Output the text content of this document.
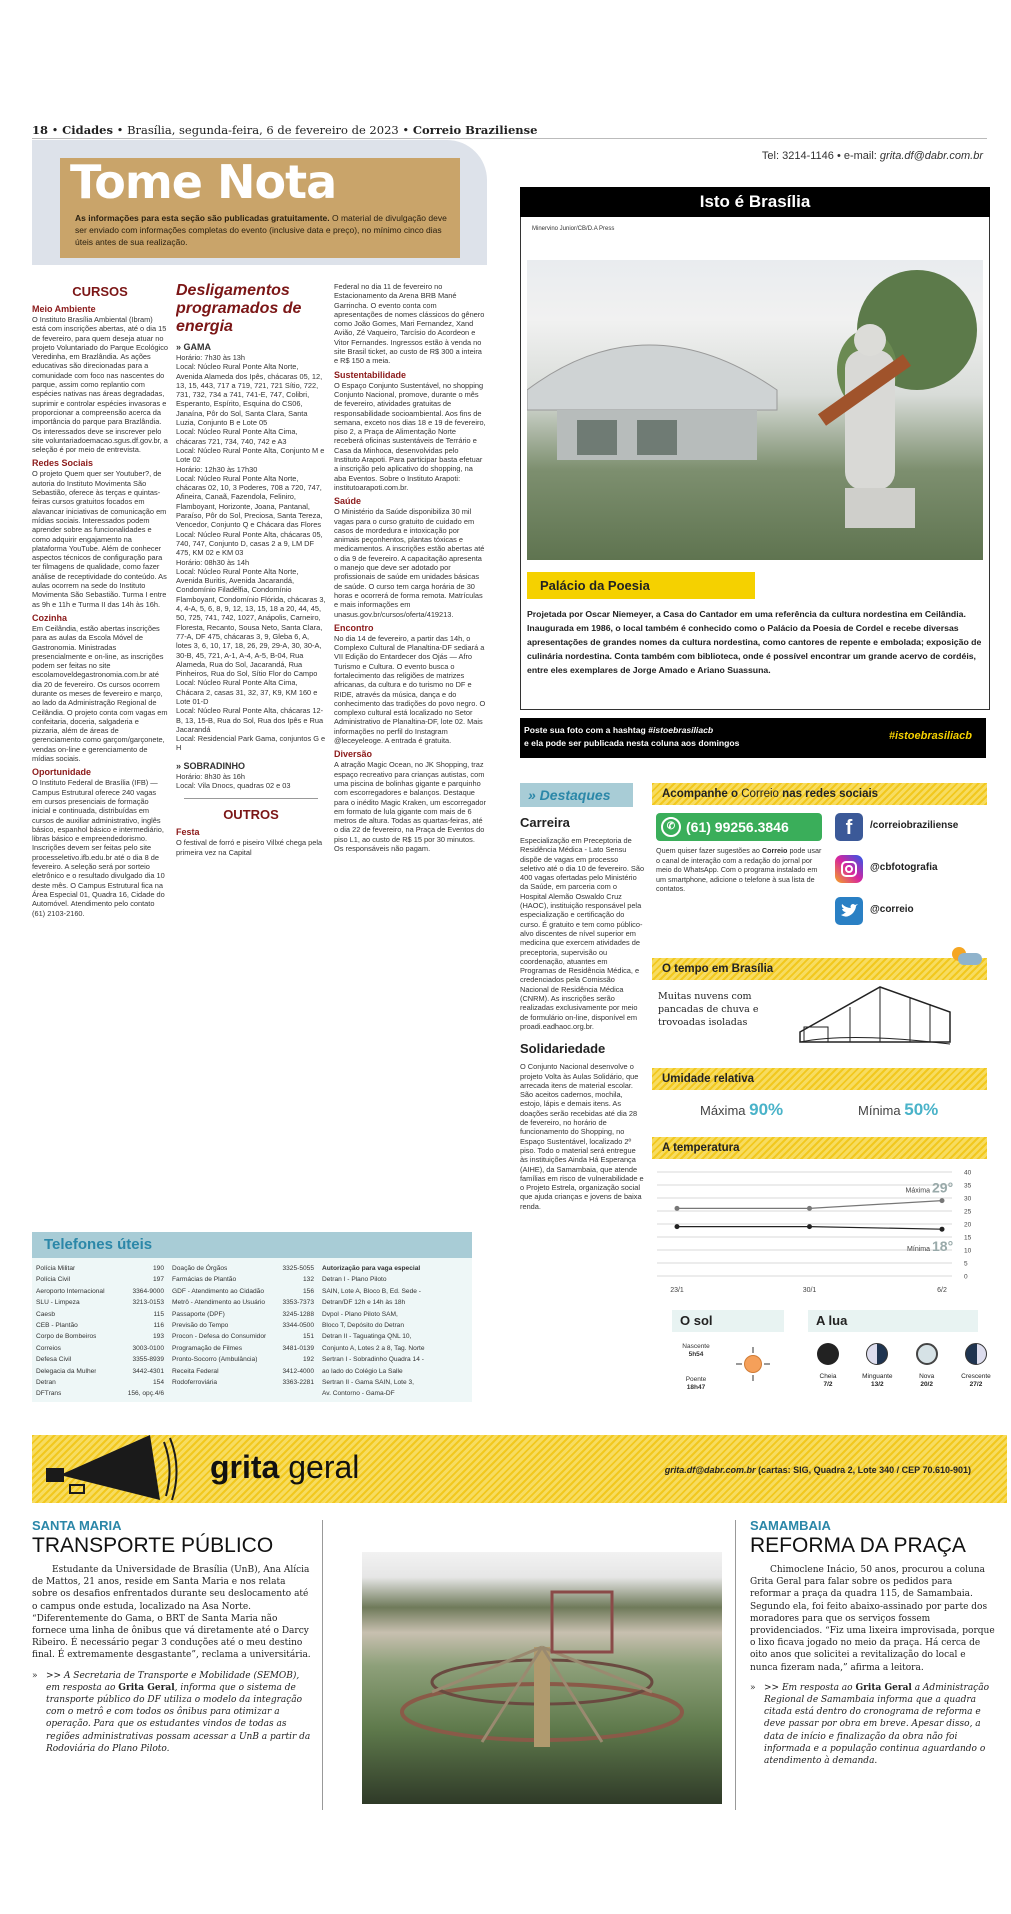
18 • Cidades • Brasília, segunda-feira, 6 de fevereiro de 2023 • Correio Braziliense
Tel: 3214-1146 • e-mail: grita.df@dabr.com.br
Tome Nota
As informações para esta seção são publicadas gratuitamente. O material de divulgação deve ser enviado com informações completas do evento (inclusive data e preço), no mínimo cinco dias úteis antes de sua realização.
CURSOS
Meio Ambiente

O Instituto Brasília Ambiental (Ibram) está com inscrições abertas, até o dia 15 de fevereiro, para quem deseja atuar no projeto Voluntariado do Parque Ecológico Veredinha, em Brazlândia. As ações educativas são direcionadas para a comunidade com foco nas nascentes do parque, assim como replantio com espécies nativas nas áreas degradadas, suprimir e controlar espécies invasoras e proporcionar a compreensão acerca da importância do parque para Brazlândia. Os interessados deve se inscrever pelo site voluntariadoemacao.sgus.df.gov.br, a seleção é por meio de entrevista.

Redes Sociais

O projeto Quem quer ser Youtuber?, de autoria do Instituto Movimenta São Sebastião, oferece às terças e quintas-feiras cursos gratuitos focados em alavancar iniciativas de comunicação em mídias sociais. Interessados podem aprender sobre as funcionalidades e como adquirir engajamento na plataforma YouTube. Além de conhecer aspectos técnicos de configuração para ter filmagens de qualidade, como fazer análise de receptividade do conteúdo. As aulas ocorrem na sede do Instituto Movimenta São Sebastião. Turma I entre as 9h e 11h e Turma II das 14h às 16h.

Cozinha

Em Ceilândia, estão abertas inscrições para as aulas da Escola Móvel de Gastronomia. Ministradas presencialmente e on-line, as inscrições podem ser feitas no site escolamoveldegastronomia.com.br até dia 20 de fevereiro. Os cursos ocorrem durante os meses de fevereiro e março, ao lado da Administração Regional de Ceilândia. O projeto conta com vagas em confeitaria, doceria, salgaderia e pizzaria, além de áreas de gerenciamento como garçom/garçonete, vendas on-line e gerenciamento de mídias sociais.

Oportunidade

O Instituto Federal de Brasília (IFB) — Campus Estrutural oferece 240 vagas em cursos presenciais de formação inicial e continuada, distribuídas em cursos de auxiliar administrativo, inglês básico, espanhol básico e intermediário, libras básico e empreendedorismo. Inscrições devem ser feitas pelo site processeletivo.ifb.edu.br até o dia 8 de fevereiro. A seleção será por sorteio eletrônico e o resultado divulgado dia 10 deste mês. O Campus Estrutural fica na Área Especial 01, Quadra 16, Cidade do Automóvel. Atendimento pelo contato (61) 2103-2160.

Desligamentos programados de energia
» GAMA
Horário: 7h30 às 13h
Local: Núcleo Rural Ponte Alta Norte, Avenida Alameda dos Ipês, chácaras 05, 12, 13, 15, 443, 717 a 719, 721, 721 Sítio, 722, 731, 732, 734 a 741, 741-E, 747, Colibri, Esperanto, Espírito, Esquina do CS06, Janaína, Pôr do Sol, Santa Clara, Santa Luzia, Conjunto B e Lote 05
Local: Núcleo Rural Ponte Alta Cima, chácaras 721, 734, 740, 742 e A3
Local: Núcleo Rural Ponte Alta, Conjunto M e Lote 02
Horário: 12h30 às 17h30
Local: Núcleo Rural Ponte Alta Norte, chácaras 02, 10, 3 Poderes, 708 a 720, 747, Afineira, Canaã, Fazendola, Feliniro, Flamboyant, Horizonte, Joana, Pantanal, Paraíso, Pôr do Sol, Preciosa, Santa Tereza, Vencedor, Conjunto Q e Chácara das Flores
Local: Núcleo Rural Ponte Alta, chácaras 05, 740, 747, Conjunto D, casas 2 a 9, LM DF 475, KM 02 e KM 03
Horário: 08h30 às 14h
Local: Núcleo Rural Ponte Alta Norte, Avenida Buritis, Avenida Jacarandá, Condomínio Filadélfia, Condomínio Flamboyant, Condomínio Flórida, chácaras 3, 4, 4-A, 5, 6, 8, 9, 12, 13, 15, 18 a 20, 44, 45, 50, 725, 741, 742, 1027, Anápolis, Carneiro, Floresta, Recanto, Sousa Neto, Santa Clara, 77-A, DF 475, chácaras 3, 9, Gleba 6, A, lotes 3, 6, 10, 17, 18, 26, 29, 29-A, 30, 30-A, 30-B, 45, 721, A-1, A-4, A-5, B-04, Rua Alameda, Rua do Sol, Jacarandá, Rua Pinheiros, Rua do Sol, Sítio Flor do Campo
Local: Núcleo Rural Ponte Alta Cima, Chácara 2, casas 31, 32, 37, K9, KM 160 e Lote 01-D
Local: Núcleo Rural Ponte Alta, chácaras 12-B, 13, 15-B, Rua do Sol, Rua dos Ipês e Rua Jacarandá
Local: Residencial Park Gama, conjuntos G e H
» SOBRADINHO
Horário: 8h30 às 16h
Local: Vila Dnocs, quadras 02 e 03
OUTROS
Festa

O festival de forró e piseiro Villxé chega pela primeira vez na Capital

Federal no dia 11 de fevereiro no Estacionamento da Arena BRB Mané Garrincha. O evento conta com apresentações de nomes clássicos do gênero como João Gomes, Mari Fernandez, Xand Avião, Zé Vaqueiro, Tarcísio do Acordeon e Vitor Fernandes. Ingressos estão à venda no site Brasil ticket, ao custo de R$ 300 a inteira e R$ 150 a meia.

Sustentabilidade

O Espaço Conjunto Sustentável, no shopping Conjunto Nacional, promove, durante o mês de fevereiro, atividades gratuitas de responsabilidade socioambiental. Aos fins de semana, exceto nos dias 18 e 19 de fevereiro, piso 2, a Praça de Alimentação Norte receberá oficinas sustentáveis de Terrário e Casa da Minhoca, desenvolvidas pelo Instituto Arapoti. Para participar basta efetuar a inscrição pelo aplicativo do shopping, na aba Eventos. Sobre o Instituto Arapoti: institutoarapoti.com.br.

Saúde

O Ministério da Saúde disponibiliza 30 mil vagas para o curso gratuito de cuidado em casos de mordedura e intoxicação por animais peçonhentos, plantas tóxicas e medicamentos. A inscrições estão abertas até o dia 9 de fevereiro. A capacitação apresenta o manejo que deve ser adotado por profissionais de saúde em unidades básicas de saúde. O curso tem carga horária de 30 horas e ocorrerá de forma remota. Matrículas e mais informações em unasus.gov.br/cursos/oferta/419213.

Encontro

No dia 14 de fevereiro, a partir das 14h, o Complexo Cultural de Planaltina-DF sediará a VII Edição do Entardecer dos Ojás — Afro Turismo e Cultura. O evento busca o fortalecimento das religiões de matrizes africanas, da cultura e do turismo no DF e RIDE, através da música, dança e do conhecimento das tradições do povo negro. O complexo cultural está localizado no Setor Administrativo de Planaltina-DF, lote 02. Mais informações no perfil do Instagram @leceyeleoge. A entrada é gratuita.

Diversão

A atração Magic Ocean, no JK Shopping, traz espaço recreativo para crianças autistas, com uma piscina de bolinhas gigante e parquinho com escorregadores e balanços. Destaque para o inédito Magic Kraken, um escorregador em formato de lula gigante com mais de 6 metros de altura. Todas as quartas-feiras, até o dia 22 de fevereiro, na Praça de Eventos do piso L1, ao custo de R$ 15 por 30 minutos. Os responsáveis não pagam.

Telefones úteis
Polícia Militar	190
Polícia Civil	197
Aeroporto Internacional	3364-9000
SLU - Limpeza	3213-0153
Caesb	115
CEB - Plantão	116
Corpo de Bombeiros	193
Correios	3003-0100
Defesa Civil	3355-8939
Delegacia da Mulher	3442-4301
Detran	154
DFTrans	156, opç.4/6
Doação de Órgãos	3325-5055
Farmácias de Plantão	132
GDF - Atendimento ao Cidadão	156
Metrô - Atendimento ao Usuário	3353-7373
Passaporte (DPF)	3245-1288
Previsão do Tempo	3344-0500
Procon - Defesa do Consumidor	151
Programação de Filmes	3481-0139
Pronto-Socorro (Ambulância)	192
Receita Federal	3412-4000
Rodoferroviária	3363-2281
Autorização para vaga especial
Detran I - Plano Piloto
SAIN, Lote A, Bloco B, Ed. Sede -
Detran/DF 12h e 14h às 18h
Dvpol - Plano Piloto SAM,
Bloco T, Depósito do Detran
Detran II - Taguatinga QNL 10,
Conjunto A, Lotes 2 a 8, Tag. Norte
Sertran I - Sobradinho Quadra 14 -
ao lado do Colégio La Salle
Sertran II - Gama SAIN, Lote 3,
Av. Contorno - Gama-DF
Isto é Brasília
Minervino Junior/CB/D.A Press
Palácio da Poesia
Projetada por Oscar Niemeyer, a Casa do Cantador em uma referência da cultura nordestina em Ceilândia. Inaugurada em 1986, o local também é conhecido como o Palácio da Poesia de Cordel e recebe diversas apresentações de grandes nomes da cultura nordestina, como cantores de repente e embolada; exposição de culinária nordestina. Conta também com biblioteca, onde é possível encontrar um grande acervo de cordéis, entre eles exemplares de Jorge Amado e Ariano Suassuna.
Poste sua foto com a hashtag #istoebrasiliacb
e ela pode ser publicada nesta coluna aos domingos
#istoebrasiliacb
» Destaques
Carreira

Especialização em Preceptoria de Residência Médica - Lato Sensu dispõe de vagas em processo seletivo até o dia 10 de fevereiro. São 400 vagas ofertadas pelo Ministério da Saúde, em parceria com o Hospital Alemão Oswaldo Cruz (HAOC), instituição responsável pela especialização e certificação do curso. É gratuito e tem como público-alvo discentes de nível superior em medicina que exercem atividades de preceptoria, supervisão ou coordenação, atuantes em Programas de Residência Médica, e credenciados pela Comissão Nacional de Residência Médica (CNRM). As inscrições serão realizadas exclusivamente por meio de formulário on-line, disponível em proadi.eadhaoc.org.br.

Solidariedade

O Conjunto Nacional desenvolve o projeto Volta às Aulas Solidário, que arrecada itens de material escolar. São aceitos cadernos, mochila, estojo, lápis e demais itens. As doações serão recebidas até dia 28 de fevereiro, no horário de funcionamento do Shopping, no Espaço Sustentável, localizado 2º piso. Todo o material será entregue às instituições Ainda Há Esperança (AIHE), da Samambaia, que atende famílias em risco de vulnerabilidade e o Projeto Estrela, organização social que ajuda crianças e jovens de baixa renda.

Acompanhe o Correio nas redes sociais
✆ (61) 99256.3846
Quem quiser fazer sugestões ao Correio pode usar o canal de interação com a redação do jornal por meio do WhatsApp. Com o programa instalado em um smartphone, adicione o telefone à sua lista de contatos.
f	/correiobraziliense
@cbfotografia
@correio
O tempo em Brasília
Muitas nuvens com pancadas de chuva e trovoadas isoladas
Umidade relativa
Máxima 90%	Mínima 50%
A temperatura
0
5
10
15
20
25
30
35
40
23/1	30/1	6/2
Máxima 29°
Mínima 18°
O sol
Nascente
5h54
Poente
18h47
A lua
Cheia
7/2
Minguante
13/2
Nova
20/2
Crescente
27/2
grita geral	grita.df@dabr.com.br (cartas: SIG, Quadra 2, Lote 340 / CEP 70.610-901)
SANTA MARIA
TRANSPORTE PÚBLICO

Estudante da Universidade de Brasília (UnB), Ana Alícia de Mattos, 21 anos, reside em Santa Maria e nos relata sobre os desafios enfrentados durante seu deslocamento até o campus onde estuda, localizado na Asa Norte. “Diferentemente do Gama, o BRT de Santa Maria não fornece uma linha de ônibus que vá diretamente até o Darcy Ribeiro. É necessário pegar 3 conduções até o meu destino final. É extremamente desgastante”, reclama a universitária.

» >> A Secretaria de Transporte e Mobilidade (SEMOB), em resposta ao Grita Geral, informa que o sistema de transporte público do DF utiliza o modelo da integração com o metrô e com todos os ônibus para otimizar a operação. Para que os estudantes vindos de todas as regiões administrativas possam acessar a UnB a partir da Rodoviária do Plano Piloto.

SAMAMBAIA
REFORMA DA PRAÇA

Chimoclene Inácio, 50 anos, procurou a coluna Grita Geral para falar sobre os pedidos para reformar a praça da quadra 115, de Samambaia. Segundo ela, foi feito abaixo-assinado por parte dos moradores para que os serviços fossem providenciados. “Fiz uma lixeira improvisada, porque o lixo ficava jogado no meio da praça. Há cerca de oito anos que solicitei a revitalização do local e nunca fizeram nada,” afirma a leitora.

» >> Em resposta ao Grita Geral a Administração Regional de Samambaia informa que a quadra citada está dentro do cronograma de reforma e deve passar por obra em breve. Apesar disso, a data de início e finalização da obra não foi informada e a população continua aguardando o atendimento à demanda.
